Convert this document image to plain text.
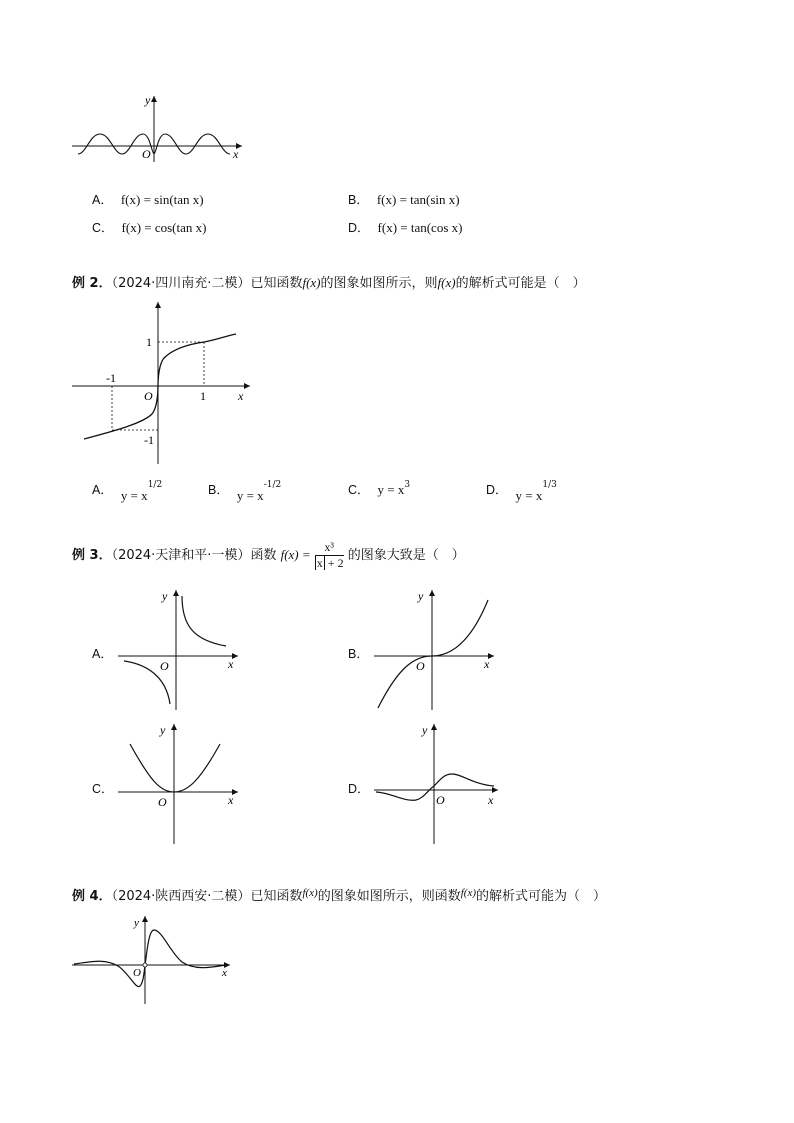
y
x
O
A． f(x) = sin(tan x)	B． f(x) = tan(sin x)
C． f(x) = cos(tan x)	D． f(x) = tan(cos x)
例 2．（2024·四川南充·二模）已知函数f(x)的图象如图所示，则f(x)的解析式可能是（　）
1
-1
1
-1
O	x
A． $y = x^{1/2}$	B． $y = x^{-1/2}$	C． $y = x^3$	D． $y = x^{1/3}$
例 3．（2024·天津和平·一模）函数 $f(x) = \frac{\text{x³}}{x + 2}$ 的图象大致是（　）
A．
y
x
O
B．
y
x
O
C．
y
x
O
D．
y
x
O
例 4．（2024·陕西西安·二模）已知函数$^{f(x)}$的图象如图所示，则函数$^{f(x)}$的解析式可能为（　）
y
x
O
